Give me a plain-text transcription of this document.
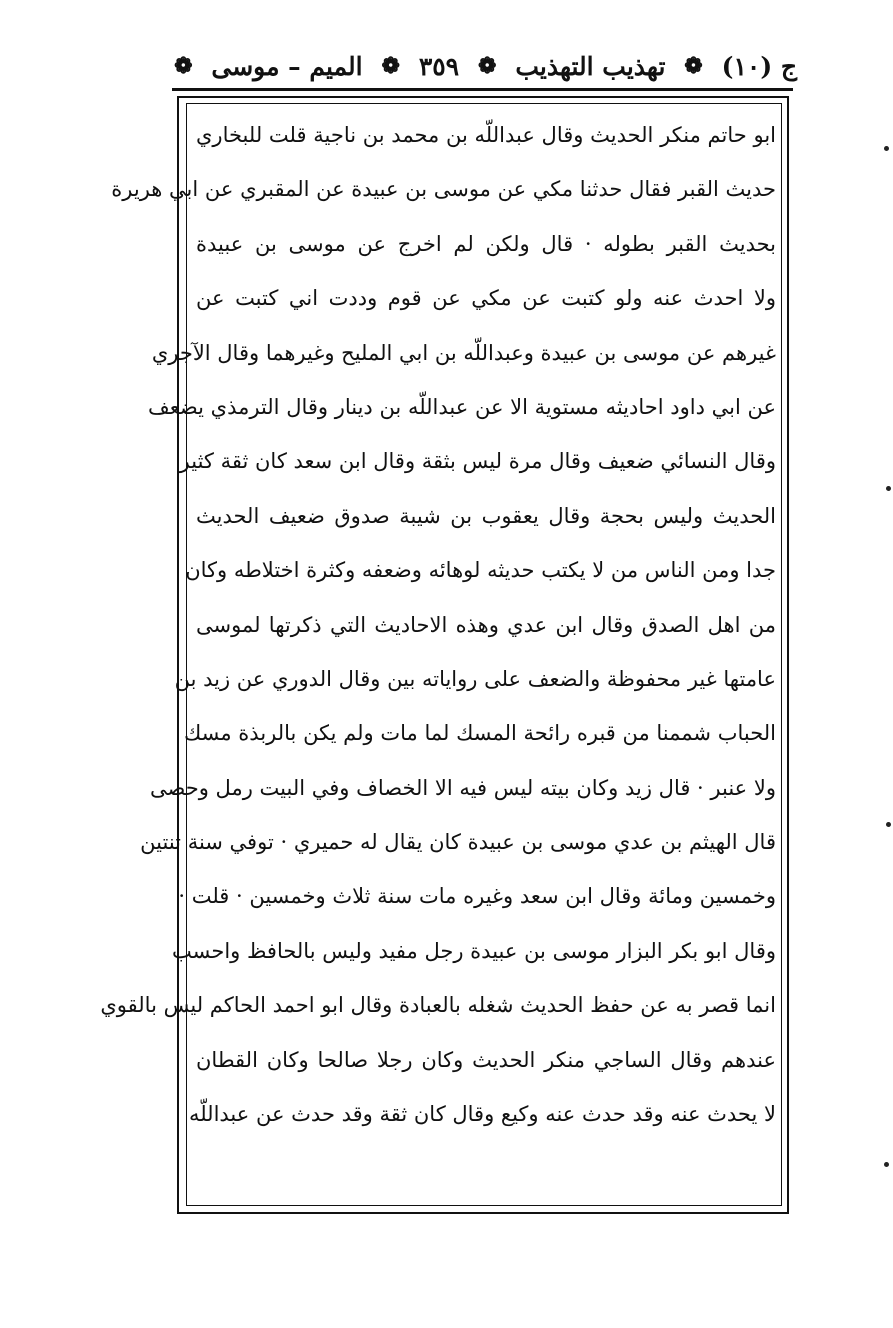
ج (١٠)
❁
تهذيب التهذيب
❁
٣٥٩
❁
الميم – موسى
❁
ابو حاتم منكر الحديث وقال عبداللّه بن محمد بن ناجية قلت للبخاري
حديث القبر فقال حدثنا مكي عن موسى بن عبيدة عن المقبري عن ابي هريرة
بحديث القبر بطوله · قال ولكن لم اخرج عن موسى بن عبيدة
ولا احدث عنه ولو كتبت عن مكي عن قوم وددت اني كتبت عن
غيرهم عن موسى بن عبيدة وعبداللّه بن ابي المليح وغيرهما وقال الآجري
عن ابي داود احاديثه مستوية الا عن عبداللّه بن دينار وقال الترمذي يضعف
وقال النسائي ضعيف وقال مرة ليس بثقة وقال ابن سعد كان ثقة كثير
الحديث وليس بحجة وقال يعقوب بن شيبة صدوق ضعيف الحديث
جدا ومن الناس من لا يكتب حديثه لوهائه وضعفه وكثرة اختلاطه وكان
من اهل الصدق وقال ابن عدي وهذه الاحاديث التي ذكرتها لموسى
عامتها غير محفوظة والضعف على رواياته بين وقال الدوري عن زيد بن
الحباب شممنا من قبره رائحة المسك لما مات ولم يكن بالربذة مسك
ولا عنبر · قال زيد وكان بيته ليس فيه الا الخصاف وفي البيت رمل وحصى
قال الهيثم بن عدي موسى بن عبيدة كان يقال له حميري · توفي سنة ثنتين
وخمسين ومائة وقال ابن سعد وغيره مات سنة ثلاث وخمسين · قلت ·
وقال ابو بكر البزار موسى بن عبيدة رجل مفيد وليس بالحافظ واحسب
انما قصر به عن حفظ الحديث شغله بالعبادة وقال ابو احمد الحاكم ليس بالقوي
عندهم وقال الساجي منكر الحديث وكان رجلا صالحا وكان القطان
لا يحدث عنه وقد حدث عنه وكيع وقال كان ثقة وقد حدث عن عبداللّه
